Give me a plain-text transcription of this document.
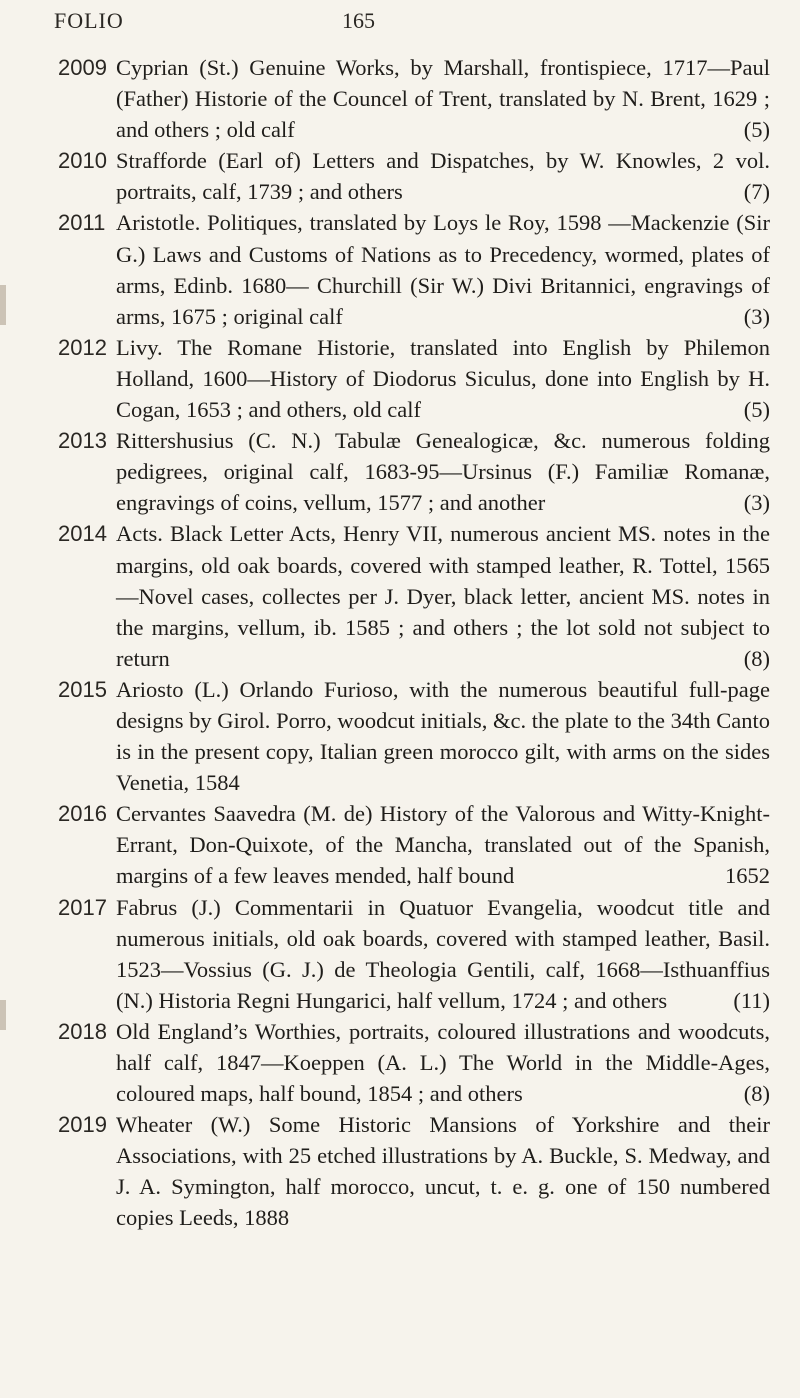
FOLIO	165
2009 Cyprian (St.) Genuine Works, by Marshall, frontispiece, 1717—Paul (Father) Historie of the Councel of Trent, translated by N. Brent, 1629 ; and others ; old calf	(5)
2010 Strafforde (Earl of) Letters and Dispatches, by W. Knowles, 2 vol. portraits, calf, 1739 ; and others	(7)
2011 Aristotle. Politiques, translated by Loys le Roy, 1598 —Mackenzie (Sir G.) Laws and Customs of Nations as to Precedency, wormed, plates of arms, Edinb. 1680— Churchill (Sir W.) Divi Britannici, engravings of arms, 1675 ; original calf	(3)
2012 Livy. The Romane Historie, translated into English by Philemon Holland, 1600—History of Diodorus Siculus, done into English by H. Cogan, 1653 ; and others, old calf	(5)
2013 Rittershusius (C. N.) Tabulæ Genealogicæ, &c. numerous folding pedigrees, original calf, 1683-95—Ursinus (F.) Familiæ Romanæ, engravings of coins, vellum, 1577 ; and another	(3)
2014 Acts. Black Letter Acts, Henry VII, numerous ancient MS. notes in the margins, old oak boards, covered with stamped leather, R. Tottel, 1565—Novel cases, collectes per J. Dyer, black letter, ancient MS. notes in the margins, vellum, ib. 1585 ; and others ; the lot sold not subject to return	(8)
2015 Ariosto (L.) Orlando Furioso, with the numerous beautiful full-page designs by Girol. Porro, woodcut initials, &c. the plate to the 34th Canto is in the present copy, Italian green morocco gilt, with arms on the sides Venetia, 1584
2016 Cervantes Saavedra (M. de) History of the Valorous and Witty-Knight-Errant, Don-Quixote, of the Mancha, translated out of the Spanish, margins of a few leaves mended, half bound	1652
2017 Fabrus (J.) Commentarii in Quatuor Evangelia, woodcut title and numerous initials, old oak boards, covered with stamped leather, Basil. 1523—Vossius (G. J.) de Theologia Gentili, calf, 1668—Isthuanffius (N.) Historia Regni Hungarici, half vellum, 1724 ; and others	(11)
2018 Old England’s Worthies, portraits, coloured illustrations and woodcuts, half calf, 1847—Koeppen (A. L.) The World in the Middle-Ages, coloured maps, half bound, 1854 ; and others	(8)
2019 Wheater (W.) Some Historic Mansions of Yorkshire and their Associations, with 25 etched illustrations by A. Buckle, S. Medway, and J. A. Symington, half morocco, uncut, t. e. g. one of 150 numbered copies Leeds, 1888
